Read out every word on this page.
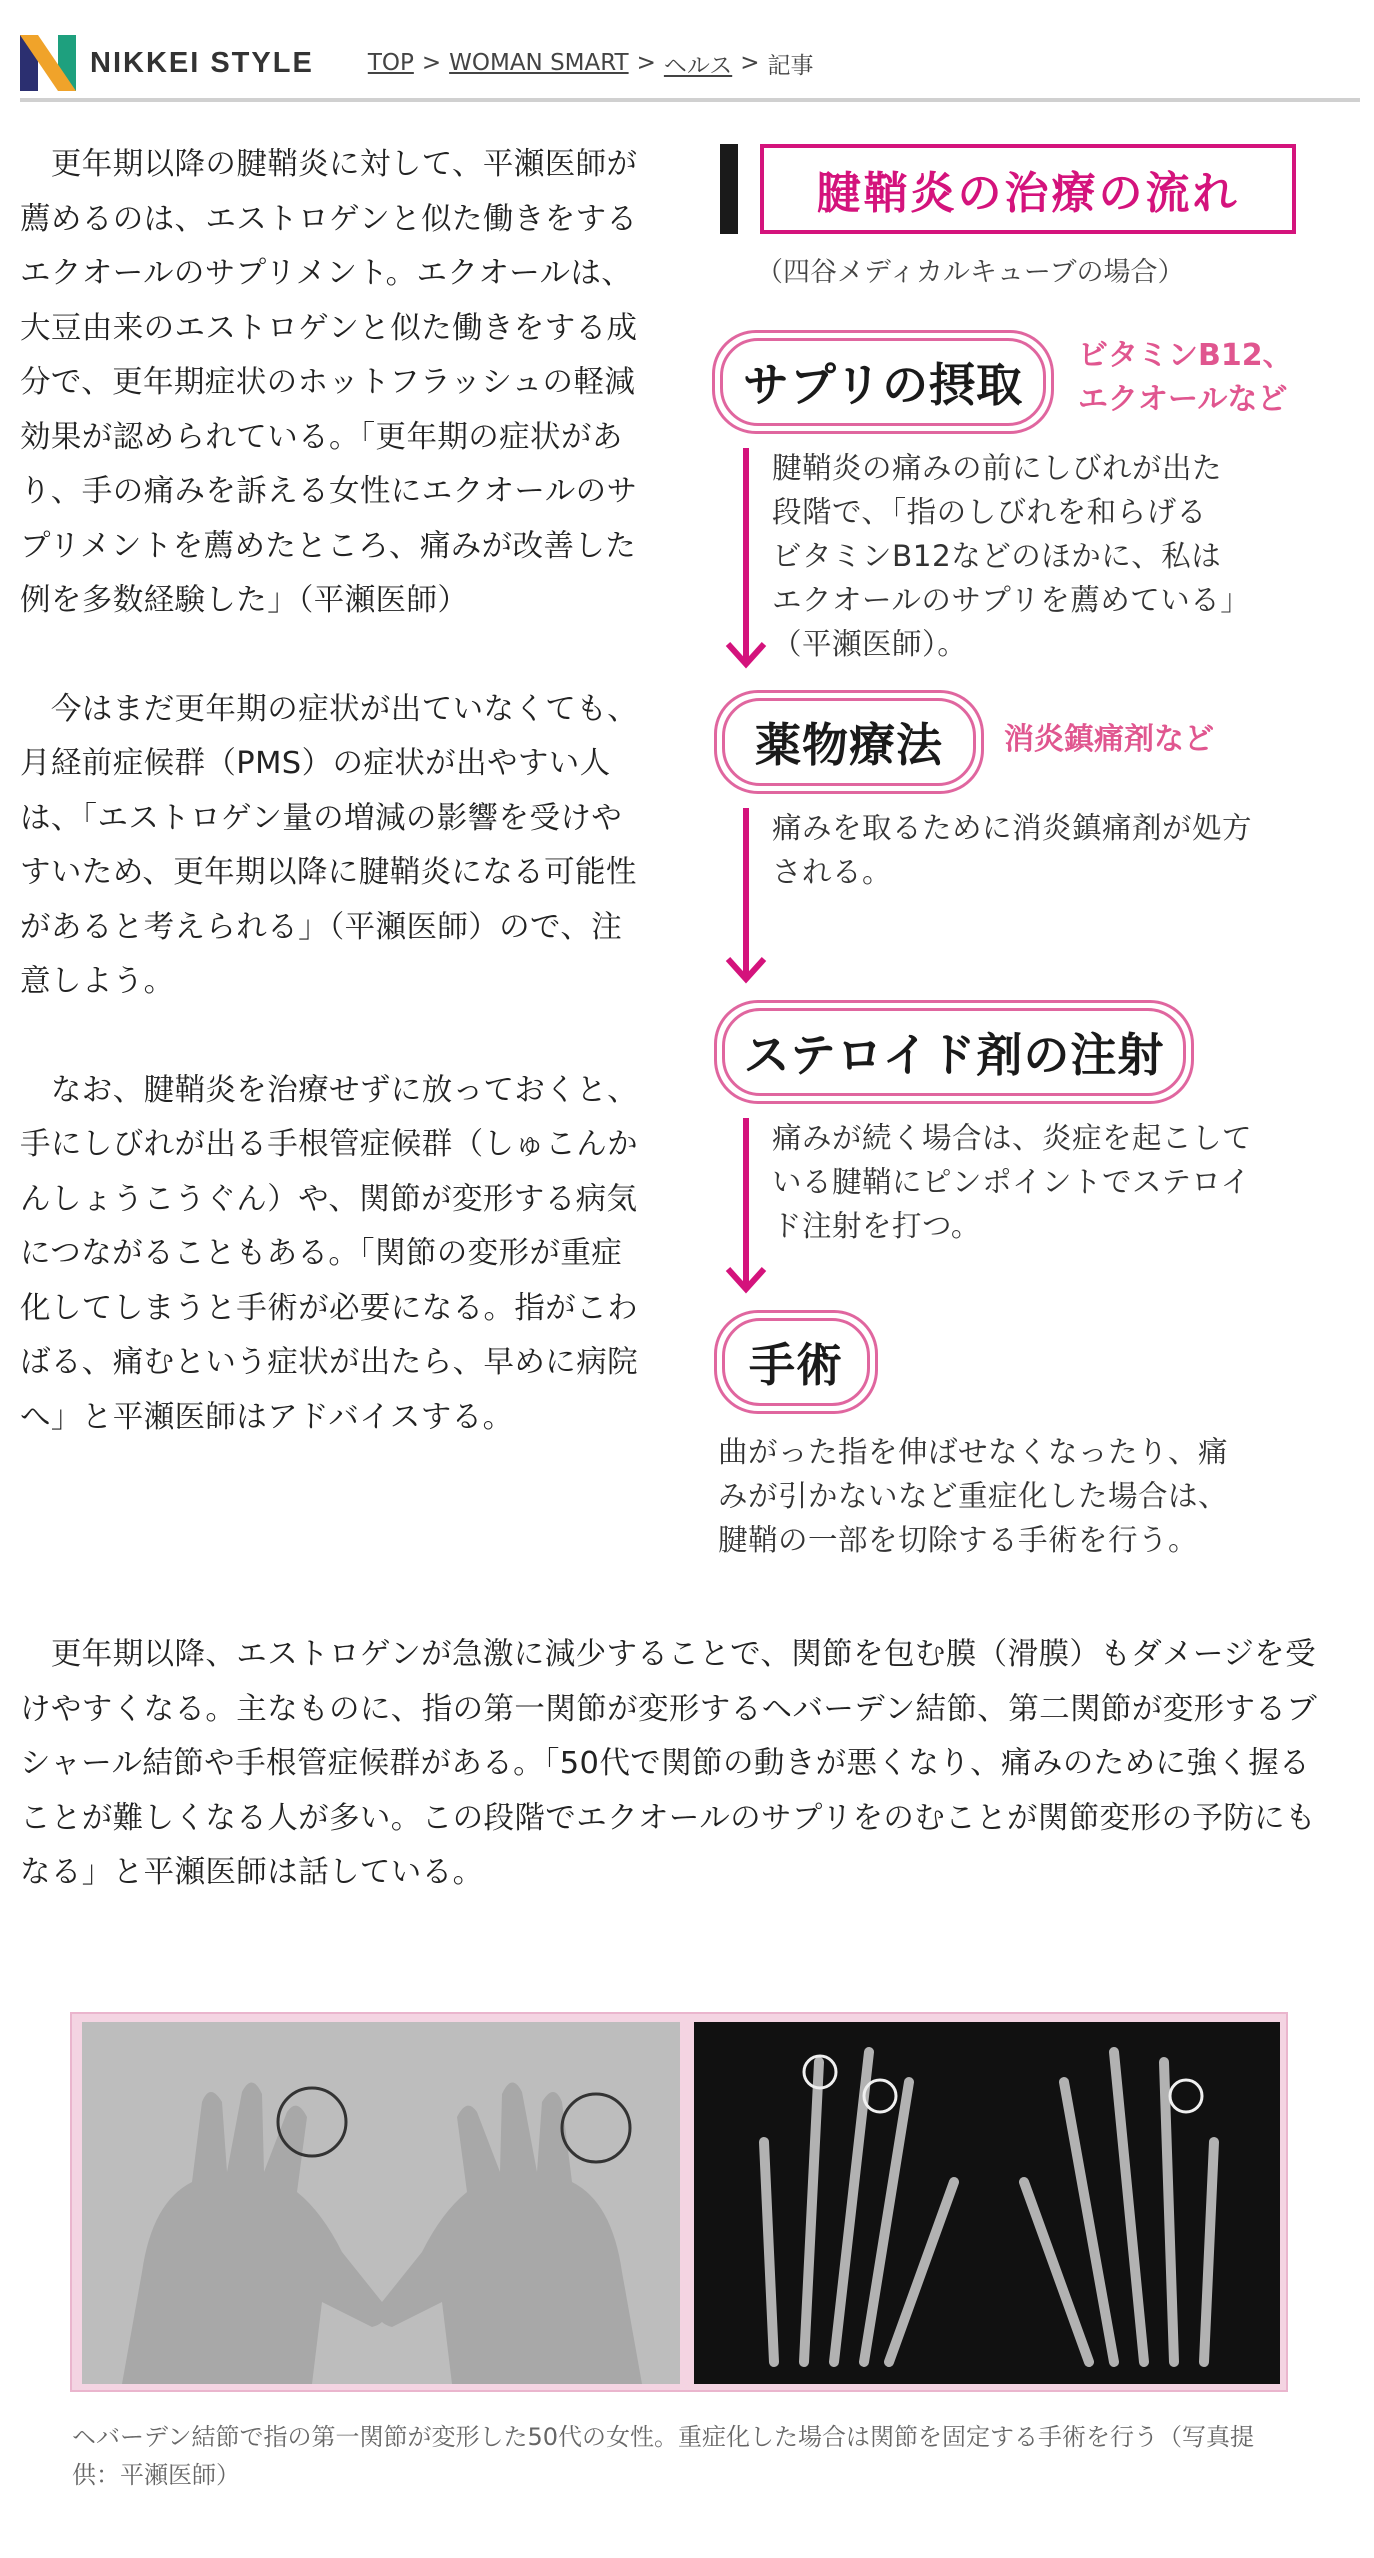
NIKKEI STYLE TOP > WOMAN SMART > ヘルス > 記事

　更年期以降の腱鞘炎に対して、平瀬医師が薦めるのは、エストロゲンと似た働きをするエクオールのサプリメント。エクオールは、大豆由来のエストロゲンと似た働きをする成分で、更年期症状のホットフラッシュの軽減効果が認められている。「更年期の症状があり、手の痛みを訴える女性にエクオールのサプリメントを薦めたところ、痛みが改善した例を多数経験した」（平瀬医師）

　今はまだ更年期の症状が出ていなくても、月経前症候群（PMS）の症状が出やすい人は、「エストロゲン量の増減の影響を受けやすいため、更年期以降に腱鞘炎になる可能性があると考えられる」（平瀬医師）ので、注意しよう。

　なお、腱鞘炎を治療せずに放っておくと、手にしびれが出る手根管症候群（しゅこんかんしょうこうぐん）や、関節が変形する病気 につながることもある。「関節の変形が重症化してしまうと手術が必要になる。指がこわばる、痛むという症状が出たら、早めに病院へ」と平瀬医師はアドバイスする。

腱鞘炎の治療の流れ
（四谷メディカルキューブの場合）
サプリの摂取
ビタミンB12、
エクオールなど
腱鞘炎の痛みの前にしびれが出た
段階で、「指のしびれを和らげる
ビタミンB12などのほかに、私は
エクオールのサプリを薦めている」
（平瀬医師）。
薬物療法 消炎鎮痛剤など
痛みを取るために消炎鎮痛剤が処方
される。
ステロイド剤の注射
痛みが続く場合は、炎症を起こして
いる腱鞘にピンポイントでステロイ
ド注射を打つ。
手術
曲がった指を伸ばせなくなったり、痛
みが引かないなど重症化した場合は、
腱鞘の一部を切除する手術を行う。

　更年期以降、エストロゲンが急激に減少することで、関節を包む膜（滑膜）もダメージを受けやすくなる。主なものに、指の第一関節が変形するヘバーデン結節、第二関節が変形するブシャール結節や手根管症候群がある。「50代で関節の動きが悪くなり、痛みのために強く握ることが難しくなる人が多い。この段階でエクオールのサプリをのむことが関節変形の予防にもなる」と平瀬医師は話している。

ヘバーデン結節で指の第一関節が変形した50代の女性。重症化した場合は関節を固定する手術を行う（写真提供：平瀬医師）
